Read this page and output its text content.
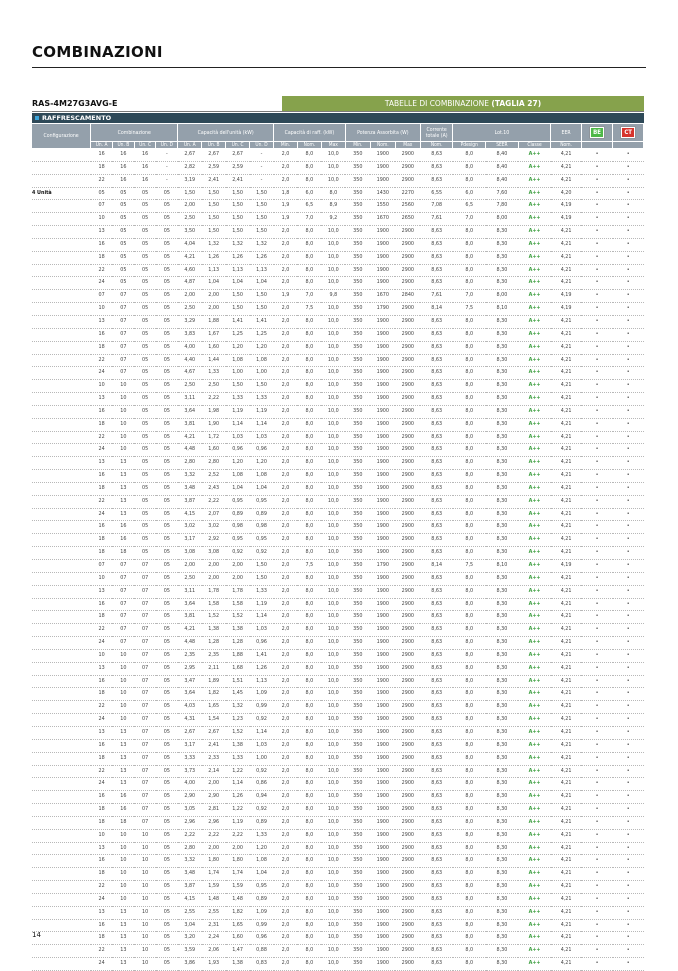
COMBINAZIONI
RAS-4M27G3AVG-E	TABELLE DI COMBINAZIONE (TAGLIA 27)
RAFFRESCAMENTO
Configurazione	Combinazione				Capacità dell'unità (kW)				Capacità di raff. (kW)			Potenza Assorbita (W)			Corrente totale (A)	Lot.10			EER	BE	CT
	Un. A	Un. B	Un. C	Un. D	Un. A	Un. B	Un. C	Un. D	Min.	Nom.	Max	Min.	Nom.	Max	Nom.	Pdesign	SEER	Classe	Nom.		
	16	16	16	-	2,67	2,67	2,67	-	2,0	8,0	10,0	350	1900	2900	8,63	8,0	8,40	A++	4,21	•	•
	18	16	16	-	2,82	2,59	2,59	-	2,0	8,0	10,0	350	1900	2900	8,63	8,0	8,40	A++	4,21	•	•
	22	16	16	-	3,19	2,41	2,41	-	2,0	8,0	10,0	350	1900	2900	8,63	8,0	8,40	A++	4,21	•	•
4 Unità	05	05	05	05	1,50	1,50	1,50	1,50	1,8	6,0	8,0	350	1430	2270	6,55	6,0	7,60	A++	4,20	•	•
	07	05	05	05	2,00	1,50	1,50	1,50	1,9	6,5	8,9	350	1550	2560	7,08	6,5	7,80	A++	4,19	•	•
	10	05	05	05	2,50	1,50	1,50	1,50	1,9	7,0	9,2	350	1670	2650	7,61	7,0	8,00	A++	4,19	•	•
	13	05	05	05	3,50	1,50	1,50	1,50	2,0	8,0	10,0	350	1900	2900	8,63	8,0	8,30	A++	4,21	•	•
	16	05	05	05	4,04	1,32	1,32	1,32	2,0	8,0	10,0	350	1900	2900	8,63	8,0	8,30	A++	4,21	•	•
	18	05	05	05	4,21	1,26	1,26	1,26	2,0	8,0	10,0	350	1900	2900	8,63	8,0	8,30	A++	4,21	•	•
	22	05	05	05	4,60	1,13	1,13	1,13	2,0	8,0	10,0	350	1900	2900	8,63	8,0	8,30	A++	4,21	•	•
	24	05	05	05	4,87	1,04	1,04	1,04	2,0	8,0	10,0	350	1900	2900	8,63	8,0	8,30	A++	4,21	•	•
	07	07	05	05	2,00	2,00	1,50	1,50	1,9	7,0	9,8	350	1670	2840	7,61	7,0	8,00	A++	4,19	•	•
	10	07	05	05	2,50	2,00	1,50	1,50	2,0	7,5	10,0	350	1790	2900	8,14	7,5	8,10	A++	4,19	•	•
	13	07	05	05	3,29	1,88	1,41	1,41	2,0	8,0	10,0	350	1900	2900	8,63	8,0	8,30	A++	4,21	•	•
	16	07	05	05	3,83	1,67	1,25	1,25	2,0	8,0	10,0	350	1900	2900	8,63	8,0	8,30	A++	4,21	•	•
	18	07	05	05	4,00	1,60	1,20	1,20	2,0	8,0	10,0	350	1900	2900	8,63	8,0	8,30	A++	4,21	•	•
	22	07	05	05	4,40	1,44	1,08	1,08	2,0	8,0	10,0	350	1900	2900	8,63	8,0	8,30	A++	4,21	•	•
	24	07	05	05	4,67	1,33	1,00	1,00	2,0	8,0	10,0	350	1900	2900	8,63	8,0	8,30	A++	4,21	•	•
	10	10	05	05	2,50	2,50	1,50	1,50	2,0	8,0	10,0	350	1900	2900	8,63	8,0	8,30	A++	4,21	•	•
	13	10	05	05	3,11	2,22	1,33	1,33	2,0	8,0	10,0	350	1900	2900	8,63	8,0	8,30	A++	4,21	•	•
	16	10	05	05	3,64	1,98	1,19	1,19	2,0	8,0	10,0	350	1900	2900	8,63	8,0	8,30	A++	4,21	•	•
	18	10	05	05	3,81	1,90	1,14	1,14	2,0	8,0	10,0	350	1900	2900	8,63	8,0	8,30	A++	4,21	•	•
	22	10	05	05	4,21	1,72	1,03	1,03	2,0	8,0	10,0	350	1900	2900	8,63	8,0	8,30	A++	4,21	•	•
	24	10	05	05	4,48	1,60	0,96	0,96	2,0	8,0	10,0	350	1900	2900	8,63	8,0	8,30	A++	4,21	•	•
	13	13	05	05	2,80	2,80	1,20	1,20	2,0	8,0	10,0	350	1900	2900	8,63	8,0	8,30	A++	4,21	•	•
	16	13	05	05	3,32	2,52	1,08	1,08	2,0	8,0	10,0	350	1900	2900	8,63	8,0	8,30	A++	4,21	•	•
	18	13	05	05	3,48	2,43	1,04	1,04	2,0	8,0	10,0	350	1900	2900	8,63	8,0	8,30	A++	4,21	•	•
	22	13	05	05	3,87	2,22	0,95	0,95	2,0	8,0	10,0	350	1900	2900	8,63	8,0	8,30	A++	4,21	•	•
	24	13	05	05	4,15	2,07	0,89	0,89	2,0	8,0	10,0	350	1900	2900	8,63	8,0	8,30	A++	4,21	•	•
	16	16	05	05	3,02	3,02	0,98	0,98	2,0	8,0	10,0	350	1900	2900	8,63	8,0	8,30	A++	4,21	•	•
	18	16	05	05	3,17	2,92	0,95	0,95	2,0	8,0	10,0	350	1900	2900	8,63	8,0	8,30	A++	4,21	•	•
	18	18	05	05	3,08	3,08	0,92	0,92	2,0	8,0	10,0	350	1900	2900	8,63	8,0	8,30	A++	4,21	•	•
	07	07	07	05	2,00	2,00	2,00	1,50	2,0	7,5	10,0	350	1790	2900	8,14	7,5	8,10	A++	4,19	•	•
	10	07	07	05	2,50	2,00	2,00	1,50	2,0	8,0	10,0	350	1900	2900	8,63	8,0	8,30	A++	4,21	•	•
	13	07	07	05	3,11	1,78	1,78	1,33	2,0	8,0	10,0	350	1900	2900	8,63	8,0	8,30	A++	4,21	•	•
	16	07	07	05	3,64	1,58	1,58	1,19	2,0	8,0	10,0	350	1900	2900	8,63	8,0	8,30	A++	4,21	•	•
	18	07	07	05	3,81	1,52	1,52	1,14	2,0	8,0	10,0	350	1900	2900	8,63	8,0	8,30	A++	4,21	•	•
	22	07	07	05	4,21	1,38	1,38	1,03	2,0	8,0	10,0	350	1900	2900	8,63	8,0	8,30	A++	4,21	•	•
	24	07	07	05	4,48	1,28	1,28	0,96	2,0	8,0	10,0	350	1900	2900	8,63	8,0	8,30	A++	4,21	•	•
	10	10	07	05	2,35	2,35	1,88	1,41	2,0	8,0	10,0	350	1900	2900	8,63	8,0	8,30	A++	4,21	•	•
	13	10	07	05	2,95	2,11	1,68	1,26	2,0	8,0	10,0	350	1900	2900	8,63	8,0	8,30	A++	4,21	•	•
	16	10	07	05	3,47	1,89	1,51	1,13	2,0	8,0	10,0	350	1900	2900	8,63	8,0	8,30	A++	4,21	•	•
	18	10	07	05	3,64	1,82	1,45	1,09	2,0	8,0	10,0	350	1900	2900	8,63	8,0	8,30	A++	4,21	•	•
	22	10	07	05	4,03	1,65	1,32	0,99	2,0	8,0	10,0	350	1900	2900	8,63	8,0	8,30	A++	4,21	•	•
	24	10	07	05	4,31	1,54	1,23	0,92	2,0	8,0	10,0	350	1900	2900	8,63	8,0	8,30	A++	4,21	•	•
	13	13	07	05	2,67	2,67	1,52	1,14	2,0	8,0	10,0	350	1900	2900	8,63	8,0	8,30	A++	4,21	•	•
	16	13	07	05	3,17	2,41	1,38	1,03	2,0	8,0	10,0	350	1900	2900	8,63	8,0	8,30	A++	4,21	•	•
	18	13	07	05	3,33	2,33	1,33	1,00	2,0	8,0	10,0	350	1900	2900	8,63	8,0	8,30	A++	4,21	•	•
	22	13	07	05	3,73	2,14	1,22	0,92	2,0	8,0	10,0	350	1900	2900	8,63	8,0	8,30	A++	4,21	•	•
	24	13	07	05	4,00	2,00	1,14	0,86	2,0	8,0	10,0	350	1900	2900	8,63	8,0	8,30	A++	4,21	•	•
	16	16	07	05	2,90	2,90	1,26	0,94	2,0	8,0	10,0	350	1900	2900	8,63	8,0	8,30	A++	4,21	•	•
	18	16	07	05	3,05	2,81	1,22	0,92	2,0	8,0	10,0	350	1900	2900	8,63	8,0	8,30	A++	4,21	•	•
	18	18	07	05	2,96	2,96	1,19	0,89	2,0	8,0	10,0	350	1900	2900	8,63	8,0	8,30	A++	4,21	•	•
	10	10	10	05	2,22	2,22	2,22	1,33	2,0	8,0	10,0	350	1900	2900	8,63	8,0	8,30	A++	4,21	•	•
	13	10	10	05	2,80	2,00	2,00	1,20	2,0	8,0	10,0	350	1900	2900	8,63	8,0	8,30	A++	4,21	•	•
	16	10	10	05	3,32	1,80	1,80	1,08	2,0	8,0	10,0	350	1900	2900	8,63	8,0	8,30	A++	4,21	•	•
	18	10	10	05	3,48	1,74	1,74	1,04	2,0	8,0	10,0	350	1900	2900	8,63	8,0	8,30	A++	4,21	•	•
	22	10	10	05	3,87	1,59	1,59	0,95	2,0	8,0	10,0	350	1900	2900	8,63	8,0	8,30	A++	4,21	•	•
	24	10	10	05	4,15	1,48	1,48	0,89	2,0	8,0	10,0	350	1900	2900	8,63	8,0	8,30	A++	4,21	•	•
	13	13	10	05	2,55	2,55	1,82	1,09	2,0	8,0	10,0	350	1900	2900	8,63	8,0	8,30	A++	4,21	•	•
	16	13	10	05	3,04	2,31	1,65	0,99	2,0	8,0	10,0	350	1900	2900	8,63	8,0	8,30	A++	4,21	•	•
	18	13	10	05	3,20	2,24	1,60	0,96	2,0	8,0	10,0	350	1900	2900	8,63	8,0	8,30	A++	4,21	•	•
	22	13	10	05	3,59	2,06	1,47	0,88	2,0	8,0	10,0	350	1900	2900	8,63	8,0	8,30	A++	4,21	•	•
	24	13	10	05	3,86	1,93	1,38	0,83	2,0	8,0	10,0	350	1900	2900	8,63	8,0	8,30	A++	4,21	•	•
14
